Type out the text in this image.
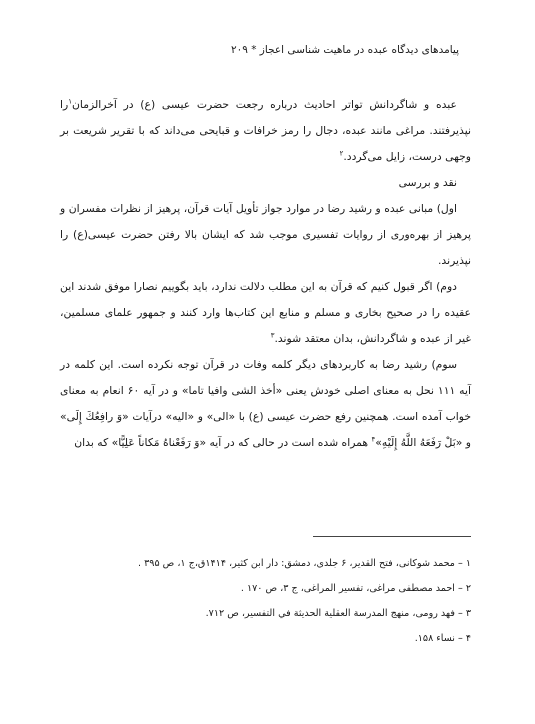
پیامدهای دیدگاه عبده در ماهیت شناسی اعجاز * ۲۰۹

عبده و شاگردانش تواتر احادیث درباره رجعت حضرت عیسی (ع) در آخرالزمان$^۱$را نپذیرفتند. مراغی مانند عبده، دجال را رمز خرافات و قبایحی می‌داند که با تقریر شریعت بر وجهی درست، زایل می‌گردد.$^۲$

نقد و بررسی

اول) مبانی عبده و رشید رضا در موارد جواز تأویل آیات قرآن، پرهیز از نظرات مفسران و پرهیز از بهره‌وری از روایات تفسیری موجب شد که ایشان بالا رفتن حضرت عیسی(ع) را نپذیرند.

دوم) اگر قبول کنیم که قرآن به این مطلب دلالت ندارد، باید بگوییم نصارا موفق شدند این عقیده را در صحیح بخاری و مسلم و منابع این کتاب‌ها وارد کنند و جمهور علمای مسلمین، غیر از عبده و شاگردانش، بدان معتقد شوند.$^۳$

سوم) رشید رضا به کاربردهای دیگر کلمه وفات در قرآن توجه نکرده است. این کلمه در آیه ۱۱۱ نحل به معنای اصلی خودش یعنی «أخذ الشی وافیا تاما» و در آیه ۶۰ انعام به معنای خواب آمده است. همچنین رفع حضرت عیسی (ع) با «الی» و «الیه» درآیات «وَ رافِعُكَ إِلَی» و «بَلْ رَفَعَهُ اللَّهُ إِلَيْهِ»$^۴$ همراه شده است در حالی که در آیه «وَ رَفَعْناهُ مَكاناً عَلِيًّا» که بدان

۱ – محمد شوکانی، فتح القدیر، ۶ جلدی، دمشق: دار ابن کثیر، ۱۴۱۴ق،ج ۱، ص ۳۹۵ .
۲ – احمد مصطفی مراغی، تفسیر المراغی، ج ۳، ص ۱۷۰ .
۳ – فهد رومی، منهج المدرسة العقلية الحديثة في التفسير، ص ۷۱۲.
۴ – نساء ۱۵۸.
